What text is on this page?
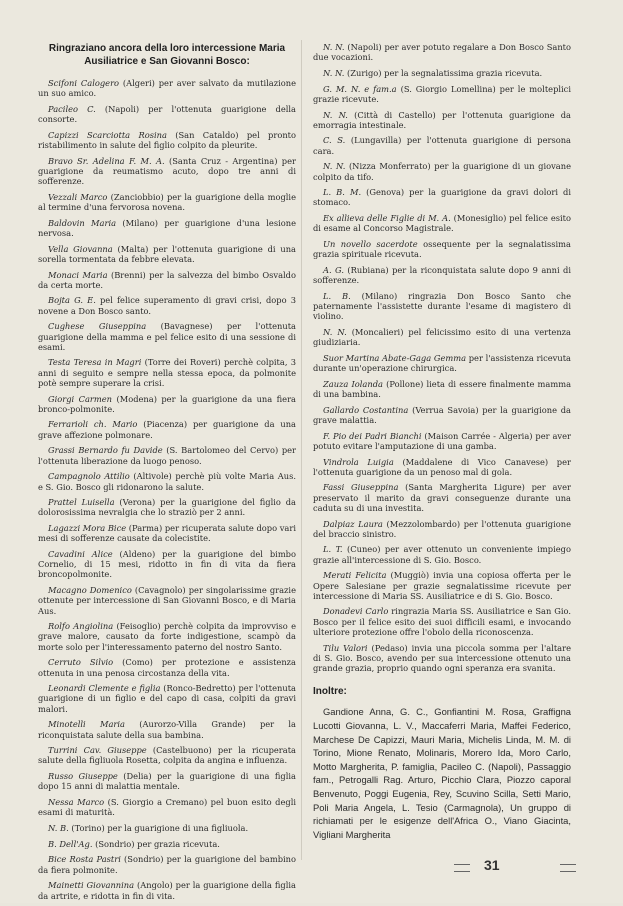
Ringraziano ancora della loro intercessione Maria Ausiliatrice e San Giovanni Bosco:

Scifoni Calogero (Algeri) per aver salvato da mutilazione un suo amico.

Pacileo C. (Napoli) per l'ottenuta guarigione della consorte.

Capizzi Scarciotta Rosina (San Cataldo) pel pronto ristabilimento in salute del figlio colpito da pleurite.

Bravo Sr. Adelina F. M. A. (Santa Cruz - Argentina) per guarigione da reumatismo acuto, dopo tre anni di sofferenze.

Vezzali Marco (Zanciobbio) per la guarigione della moglie al termine d'una fervorosa novena.

Baldovin Maria (Milano) per guarigione d'una lesione nervosa.

Vella Giovanna (Malta) per l'ottenuta guarigione di una sorella tormentata da febbre elevata.

Monaci Maria (Brenni) per la salvezza del bimbo Osvaldo da certa morte.

Bojta G. E. pel felice superamento di gravi crisi, dopo 3 novene a Don Bosco santo.

Cughese Giuseppina (Bavagnese) per l'ottenuta guarigione della mamma e pel felice esito di una sessione di esami.

Testa Teresa in Magri (Torre dei Roveri) perchè colpita, 3 anni di seguito e sempre nella stessa epoca, da polmonite potè sempre superare la crisi.

Giorgi Carmen (Modena) per la guarigione da una fiera bronco-polmonite.

Ferrarioli ch. Mario (Piacenza) per guarigione da una grave affezione polmonare.

Grassi Bernardo fu Davide (S. Bartolomeo del Cervo) per l'ottenuta liberazione da luogo penoso.

Campagnolo Attilio (Altivole) perchè più volte Maria Aus. e S. Gio. Bosco gli ridonarono la salute.

Prattel Luisella (Verona) per la guarigione del figlio da dolorosissima nevralgia che lo straziò per 2 anni.

Lagazzi Mora Bice (Parma) per ricuperata salute dopo vari mesi di sofferenze causate da colecistite.

Cavadini Alice (Aldeno) per la guarigione del bimbo Cornelio, di 15 mesi, ridotto in fin di vita da fiera broncopolmonite.

Macagno Domenico (Cavagnolo) per singolarissime grazie ottenute per intercessione di San Giovanni Bosco, e di Maria Aus.

Rolfo Angiolina (Feisoglio) perchè colpita da improvviso e grave malore, causato da forte indigestione, scampò da morte solo per l'interessamento paterno del nostro Santo.

Cerruto Silvio (Como) per protezione e assistenza ottenuta in una penosa circostanza della vita.

Leonardi Clemente e figlia (Ronco-Bedretto) per l'ottenuta guarigione di un figlio e del capo di casa, colpiti da gravi malori.

Minotelli Maria (Aurorzo-Villa Grande) per la riconquistata salute della sua bambina.

Turrini Cav. Giuseppe (Castelbuono) per la ricuperata salute della figliuola Rosetta, colpita da angina e influenza.

Russo Giuseppe (Delia) per la guarigione di una figlia dopo 15 anni di malattia mentale.

Nessa Marco (S. Giorgio a Cremano) pel buon esito degli esami di maturità.

N. B. (Torino) per la guarigione di una figliuola.

B. Dell'Ag. (Sondrio) per grazia ricevuta.

Bice Rosta Pastri (Sondrio) per la guarigione del bambino da fiera polmonite.

Mainetti Giovannina (Angolo) per la guarigione della figlia da artrite, e ridotta in fin di vita.

N. N. (Napoli) per aver potuto regalare a Don Bosco Santo due vocazioni.

N. N. (Zurigo) per la segnalatissima grazia ricevuta.

G. M. N. e fam.a (S. Giorgio Lomellina) per le molteplici grazie ricevute.

N. N. (Città di Castello) per l'ottenuta guarigione da emorragia intestinale.

C. S. (Lungavilla) per l'ottenuta guarigione di persona cara.

N. N. (Nizza Monferrato) per la guarigione di un giovane colpito da tifo.

L. B. M. (Genova) per la guarigione da gravi dolori di stomaco.

Ex allieva delle Figlie di M. A. (Monesiglio) pel felice esito di esame al Concorso Magistrale.

Un novello sacerdote ossequente per la segnalatissima grazia spirituale ricevuta.

A. G. (Rubiana) per la riconquistata salute dopo 9 anni di sofferenze.

L. B. (Milano) ringrazia Don Bosco Santo che paternamente l'assistette durante l'esame di magistero di violino.

N. N. (Moncalieri) pel felicissimo esito di una vertenza giudiziaria.

Suor Martina Abate-Gaga Gemma per l'assistenza ricevuta durante un'operazione chirurgica.

Zauza Iolanda (Pollone) lieta di essere finalmente mamma di una bambina.

Gallardo Costantina (Verrua Savoia) per la guarigione da grave malattia.

F. Pio dei Padri Bianchi (Maison Carrée - Algeria) per aver potuto evitare l'amputazione di una gamba.

Vindrola Luigia (Maddalene di Vico Canavese) per l'ottenuta guarigione da un penoso mal di gola.

Fassi Giuseppina (Santa Margherita Ligure) per aver preservato il marito da gravi conseguenze durante una caduta su di una investita.

Dalpiaz Laura (Mezzolombardo) per l'ottenuta guarigione del braccio sinistro.

L. T. (Cuneo) per aver ottenuto un conveniente impiego grazie all'intercessione di S. Gio. Bosco.

Merati Felicita (Muggiò) invia una copiosa offerta per le Opere Salesiane per grazie segnalatissime ricevute per intercessione di Maria SS. Ausiliatrice e di S. Gio. Bosco.

Donadevi Carlo ringrazia Maria SS. Ausiliatrice e San Gio. Bosco per il felice esito dei suoi difficili esami, e invocando ulteriore protezione offre l'obolo della riconoscenza.

Tilu Valori (Pedaso) invia una piccola somma per l'altare di S. Gio. Bosco, avendo per sua intercessione ottenuto una grande grazia, proprio quando ogni speranza era svanita.

Inoltre:
Gandione Anna, G. C., Gonfiantini M. Rosa, Graffigna Lucotti Giovanna, L. V., Maccaferri Maria, Maffei Federico, Marchese De Capizzi, Mauri Maria, Michelis Linda, M. M. di Torino, Mione Renato, Molinaris, Morero Ida, Moro Carlo, Motto Margherita, P. famiglia, Pacileo C. (Napoli), Passaggio fam., Petrogalli Rag. Arturo, Picchio Clara, Piozzo caporal Benvenuto, Poggi Eugenia, Rey, Scuvino Scilla, Setti Mario, Poli Maria Angela, L. Tesio (Carmagnola), Un gruppo di richiamati per le esigenze dell'Africa O., Viano Giacinta, Vigliani Margherita
31
